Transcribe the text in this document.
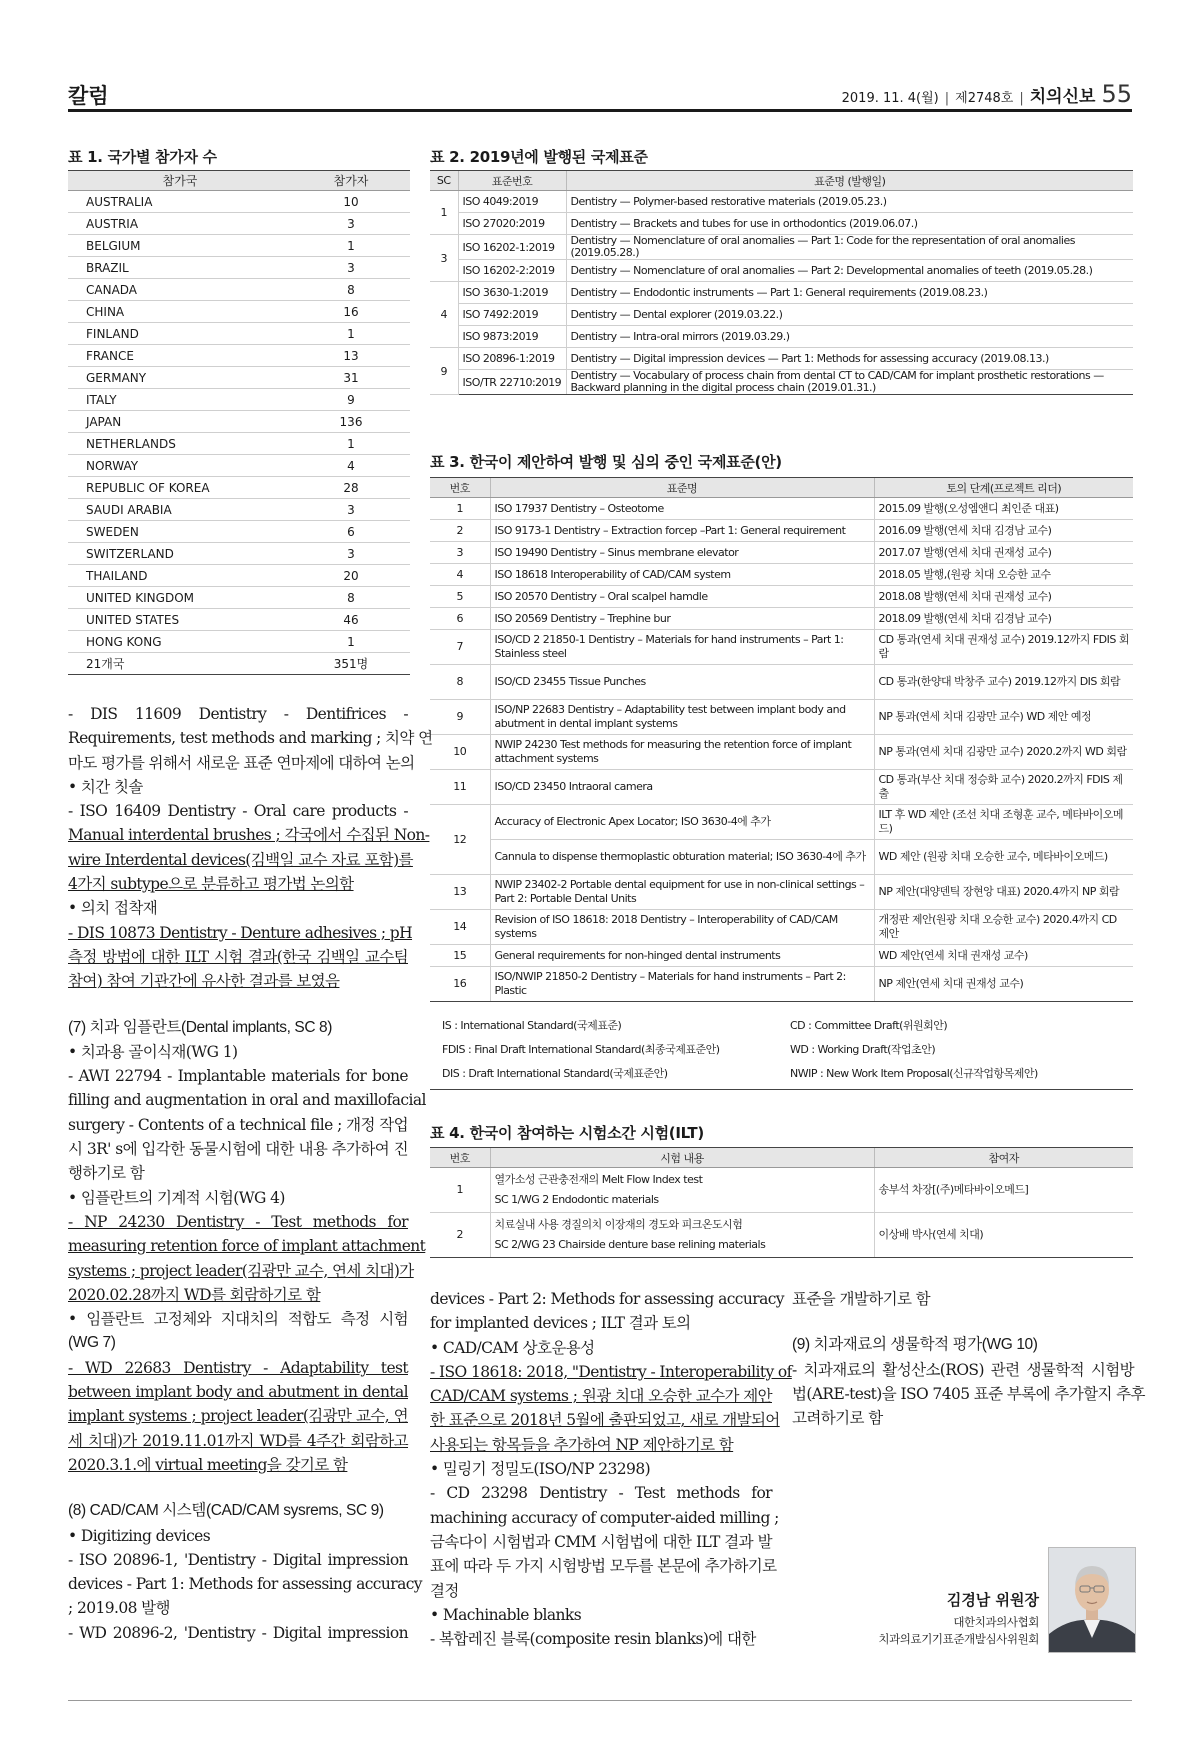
칼럼	2019. 11. 4(월) | 제2748호 | 치의신보 55
표 1. 국가별 참가자 수
참가국	참가자
AUSTRALIA	10
AUSTRIA	3
BELGIUM	1
BRAZIL	3
CANADA	8
CHINA	16
FINLAND	1
FRANCE	13
GERMANY	31
ITALY	9
JAPAN	136
NETHERLANDS	1
NORWAY	4
REPUBLIC OF KOREA	28
SAUDI ARABIA	3
SWEDEN	6
SWITZERLAND	3
THAILAND	20
UNITED KINGDOM	8
UNITED STATES	46
HONG KONG	1
21개국	351명
표 2. 2019년에 발행된 국제표준
SC	표준번호	표준명 (발행일)
1	ISO 4049:2019	Dentistry — Polymer-based restorative materials (2019.05.23.)
	ISO 27020:2019	Dentistry — Brackets and tubes for use in orthodontics (2019.06.07.)
3	ISO 16202-1:2019	Dentistry — Nomenclature of oral anomalies — Part 1: Code for the representation of oral anomalies (2019.05.28.)
	ISO 16202-2:2019	Dentistry — Nomenclature of oral anomalies — Part 2: Developmental anomalies of teeth (2019.05.28.)
4	ISO 3630-1:2019	Dentistry — Endodontic instruments — Part 1: General requirements (2019.08.23.)
	ISO 7492:2019	Dentistry — Dental explorer (2019.03.22.)
	ISO 9873:2019	Dentistry — Intra-oral mirrors (2019.03.29.)
9	ISO 20896-1:2019	Dentistry — Digital impression devices — Part 1: Methods for assessing accuracy (2019.08.13.)
	ISO/TR 22710:2019	Dentistry — Vocabulary of process chain from dental CT to CAD/CAM for implant prosthetic restorations — Backward planning in the digital process chain (2019.01.31.)
표 3. 한국이 제안하여 발행 및 심의 중인 국제표준(안)
번호	표준명	토의 단계(프로젝트 리더)
1	ISO 17937 Dentistry – Osteotome	2015.09 발행(오성엠앤디 최인준 대표)
2	ISO 9173-1 Dentistry – Extraction forcep –Part 1: General requirement	2016.09 발행(연세 치대 김경남 교수)
3	ISO 19490 Dentistry – Sinus membrane elevator	2017.07 발행(연세 치대 권재성 교수)
4	ISO 18618 Interoperability of CAD/CAM system	2018.05 발행,(원광 치대 오승한 교수
5	ISO 20570 Dentistry – Oral scalpel hamdle	2018.08 발행(연세 치대 권재성 교수)
6	ISO 20569 Dentistry – Trephine bur	2018.09 발행(연세 치대 김경남 교수)
7	ISO/CD 2 21850-1 Dentistry – Materials for hand instruments – Part 1: Stainless steel	CD 통과(연세 치대 권재성 교수) 2019.12까지 FDIS 회람
8	ISO/CD 23455 Tissue Punches	CD 통과(한양대 박창주 교수) 2019.12까지 DIS 회람
9	ISO/NP 22683 Dentistry – Adaptability test between implant body and abutment in dental implant systems	NP 통과(연세 치대 김광만 교수) WD 제안 예정
10	NWIP 24230 Test methods for measuring the retention force of implant attachment systems	NP 통과(연세 치대 김광만 교수) 2020.2까지 WD 회람
11	ISO/CD 23450 Intraoral camera	CD 통과(부산 치대 정승화 교수) 2020.2까지 FDIS 제출
12	Accuracy of Electronic Apex Locator; ISO 3630-4에 추가	ILT 후 WD 제안 (조선 치대 조형훈 교수, 메타바이오메드)
	Cannula to dispense thermoplastic obturation material; ISO 3630-4에 추가	WD 제안 (원광 치대 오승한 교수, 메타바이오메드)
13	NWIP 23402-2 Portable dental equipment for use in non-clinical settings – Part 2: Portable Dental Units	NP 제안(대양덴틱 장현앙 대표) 2020.4까지 NP 회람
14	Revision of ISO 18618: 2018 Dentistry – Interoperability of CAD/CAM systems	개정판 제안(원광 치대 오승한 교수) 2020.4까지 CD 제안
15	General requirements for non-hinged dental instruments	WD 제안(연세 치대 권재성 교수)
16	ISO/NWIP 21850-2 Dentistry – Materials for hand instruments – Part 2: Plastic	NP 제안(연세 치대 권재성 교수)
IS : International Standard(국제표준)
FDIS : Final Draft International Standard(최종국제표준안)
DIS : Draft International Standard(국제표준안)
CD : Committee Draft(위원회안)
WD : Working Draft(작업초안)
NWIP : New Work Item Proposal(신규작업항목제안)
표 4. 한국이 참여하는 시험소간 시험(ILT)
번호	시험 내용	참여자
1	열가소성 근관충전재의 Melt Flow Index test
SC 1/WG 2 Endodontic materials	송부석 차장[(주)메타바이오메드]
2	치료실내 사용 경질의치 이장재의 경도와 피크온도시험
SC 2/WG 23 Chairside denture base relining materials	이상배 박사(연세 치대)

- DIS 11609 Dentistry - Dentifrices -

Requirements, test methods and marking ; 치약 연

마도 평가를 위해서 새로운 표준 연마제에 대하여 논의

• 치간 칫솔

- ISO 16409 Dentistry - Oral care products -

Manual interdental brushes ; 각국에서 수집된 Non-

wire Interdental devices(김백일 교수 자료 포함)를

4가지 subtype으로 분류하고 평가법 논의함

• 의치 접착재

- DIS 10873 Dentistry - Denture adhesives ; pH

측정 방법에 대한 ILT 시험 결과(한국 김백일 교수팀

참여) 참여 기관간에 유사한 결과를 보였음

(7) 치과 임플란트(Dental implants, SC 8)

• 치과용 골이식재(WG 1)

- AWI 22794 - Implantable materials for bone

filling and augmentation in oral and maxillofacial

surgery - Contents of a technical file ; 개정 작업

시 3R' s에 입각한 동물시험에 대한 내용 추가하여 진

행하기로 함

• 임플란트의 기계적 시험(WG 4)

- NP 24230 Dentistry - Test methods for

measuring retention force of implant attachment

systems ; project leader(김광만 교수, 연세 치대)가

2020.02.28까지 WD를 회람하기로 함

• 임플란트 고정체와 지대치의 적합도 측정 시험

(WG 7)

- WD 22683 Dentistry - Adaptability test

between implant body and abutment in dental

implant systems ; project leader(김광만 교수, 연

세 치대)가 2019.11.01까지 WD를 4주간 회람하고

2020.3.1.에 virtual meeting을 갖기로 함

(8) CAD/CAM 시스템(CAD/CAM sysrems, SC 9)

• Digitizing devices

- ISO 20896-1, 'Dentistry - Digital impression

devices - Part 1: Methods for assessing accuracy

; 2019.08 발행

- WD 20896-2, 'Dentistry - Digital impression

devices - Part 2: Methods for assessing accuracy

for implanted devices ; ILT 결과 토의

• CAD/CAM 상호운용성

- ISO 18618: 2018, "Dentistry - Interoperability of

CAD/CAM systems ; 원광 치대 오승한 교수가 제안

한 표준으로 2018년 5월에 출판되었고, 새로 개발되어

사용되는 항목들을 추가하여 NP 제안하기로 함

• 밀링기 정밀도(ISO/NP 23298)

- CD 23298 Dentistry - Test methods for

machining accuracy of computer-aided milling ;

금속다이 시험법과 CMM 시험법에 대한 ILT 결과 발

표에 따라 두 가지 시험방법 모두를 본문에 추가하기로

결정

• Machinable blanks

- 복합레진 블록(composite resin blanks)에 대한

표준을 개발하기로 함

(9) 치과재료의 생물학적 평가(WG 10)

- 치과재료의 활성산소(ROS) 관련 생물학적 시험방

법(ARE-test)을 ISO 7405 표준 부록에 추가할지 추후

고려하기로 함

김경남 위원장
대한치과의사협회
치과의료기기표준개발심사위원회
